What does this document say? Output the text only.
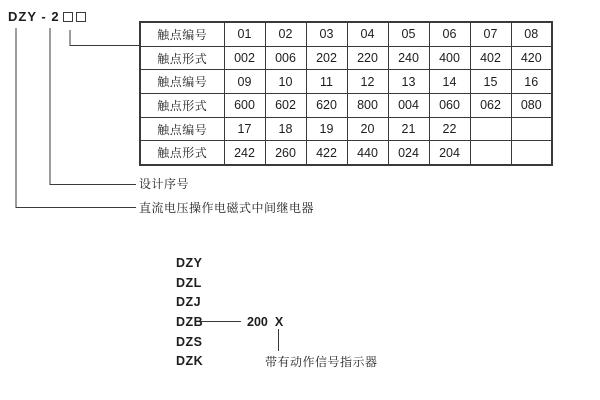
DZY - 2
触点编号	01	02	03	04	05	06	07	08
触点形式	002	006	202	220	240	400	402	420
触点编号	09	10	11	12	13	14	15	16
触点形式	600	602	620	800	004	060	062	080
触点编号	17	18	19	20	21	22		
触点形式	242	260	422	440	024	204		
设计序号
直流电压操作电磁式中间继电器
DZY
DZL
DZJ
DZB
DZS
DZK
200 X
带有动作信号指示器
